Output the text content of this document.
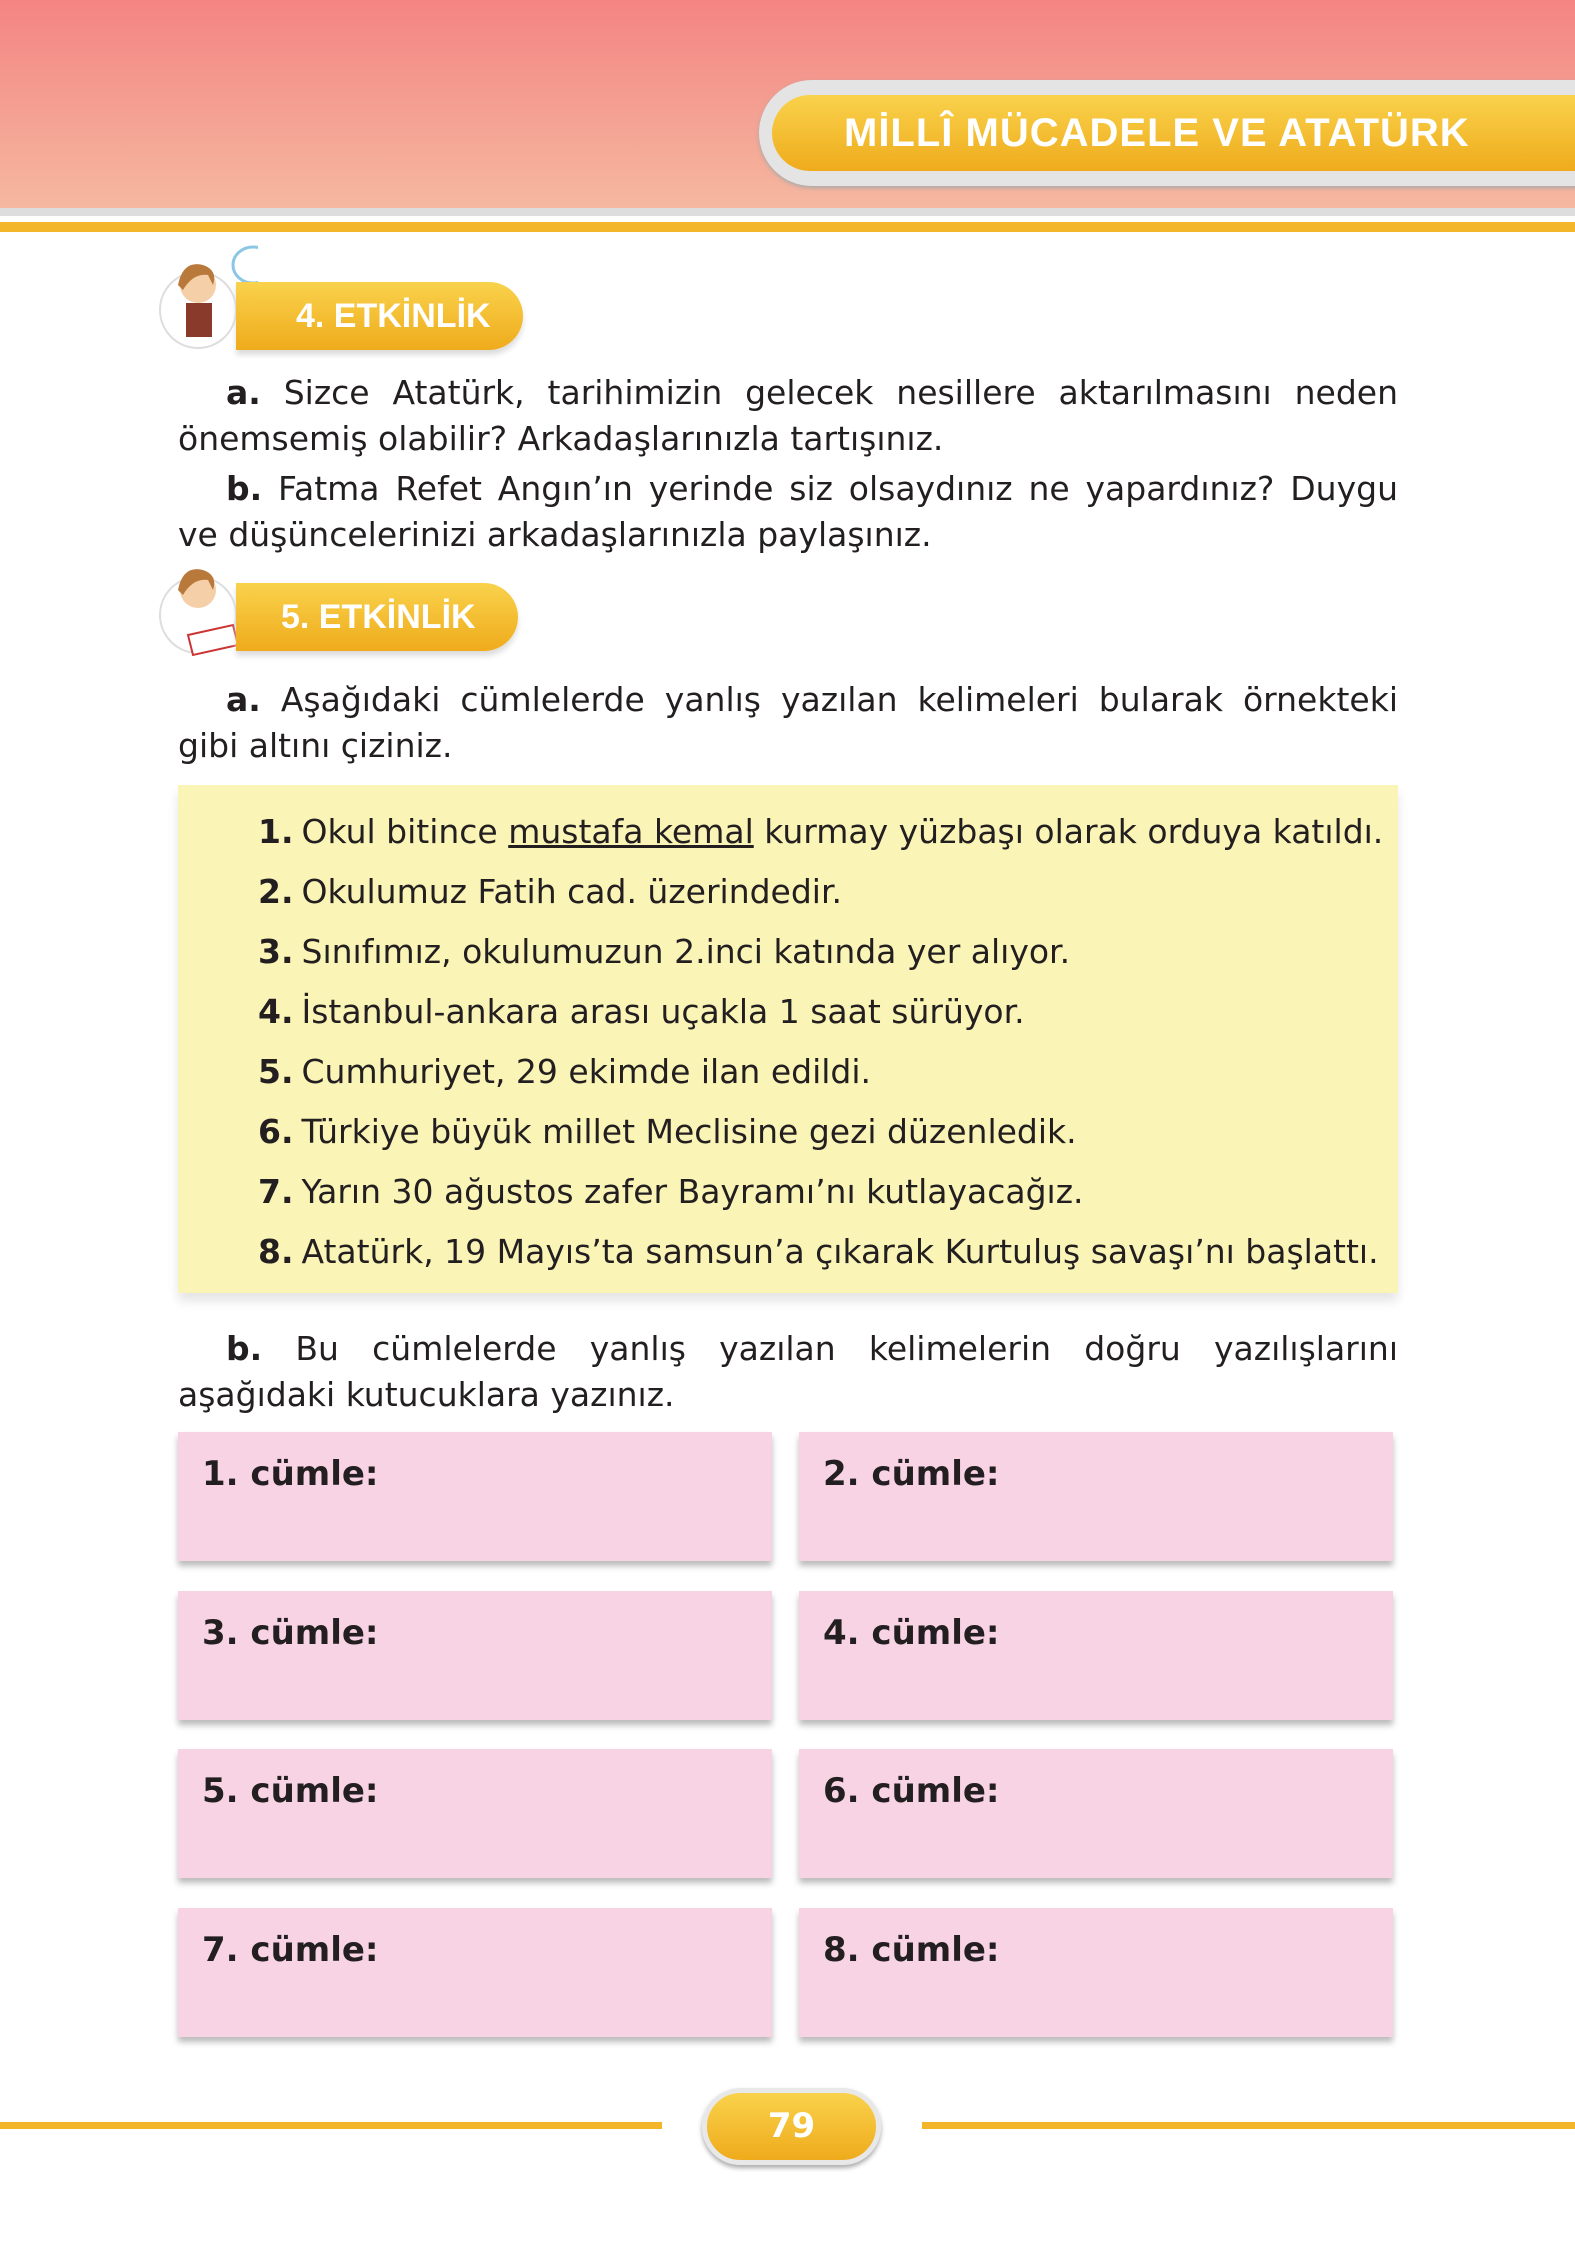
MİLLÎ MÜCADELE VE ATATÜRK
4. ETKİNLİK
a. Sizce Atatürk, tarihimizin gelecek nesillere aktarılmasını neden önemsemiş olabilir? Arkadaşlarınızla tartışınız.
b. Fatma Refet Angın’ın yerinde siz olsaydınız ne yapardınız? Duygu ve düşüncelerinizi arkadaşlarınızla paylaşınız.
5. ETKİNLİK
a. Aşağıdaki cümlelerde yanlış yazılan kelimeleri bularak örnekteki gibi altını çiziniz.
1. Okul bitince mustafa kemal kurmay yüzbaşı olarak orduya katıldı.
2. Okulumuz Fatih cad. üzerindedir.
3. Sınıfımız, okulumuzun 2.inci katında yer alıyor.
4. İstanbul-ankara arası uçakla 1 saat sürüyor.
5. Cumhuriyet, 29 ekimde ilan edildi.
6. Türkiye büyük millet Meclisine gezi düzenledik.
7. Yarın 30 ağustos zafer Bayramı’nı kutlayacağız.
8. Atatürk, 19 Mayıs’ta samsun’a çıkarak Kurtuluş savaşı’nı başlattı.
b. Bu cümlelerde yanlış yazılan kelimelerin doğru yazılışlarını aşağıdaki kutucuklara yazınız.
1. cümle:	2. cümle:
3. cümle:	4. cümle:
5. cümle:	6. cümle:
7. cümle:	8. cümle:
79
